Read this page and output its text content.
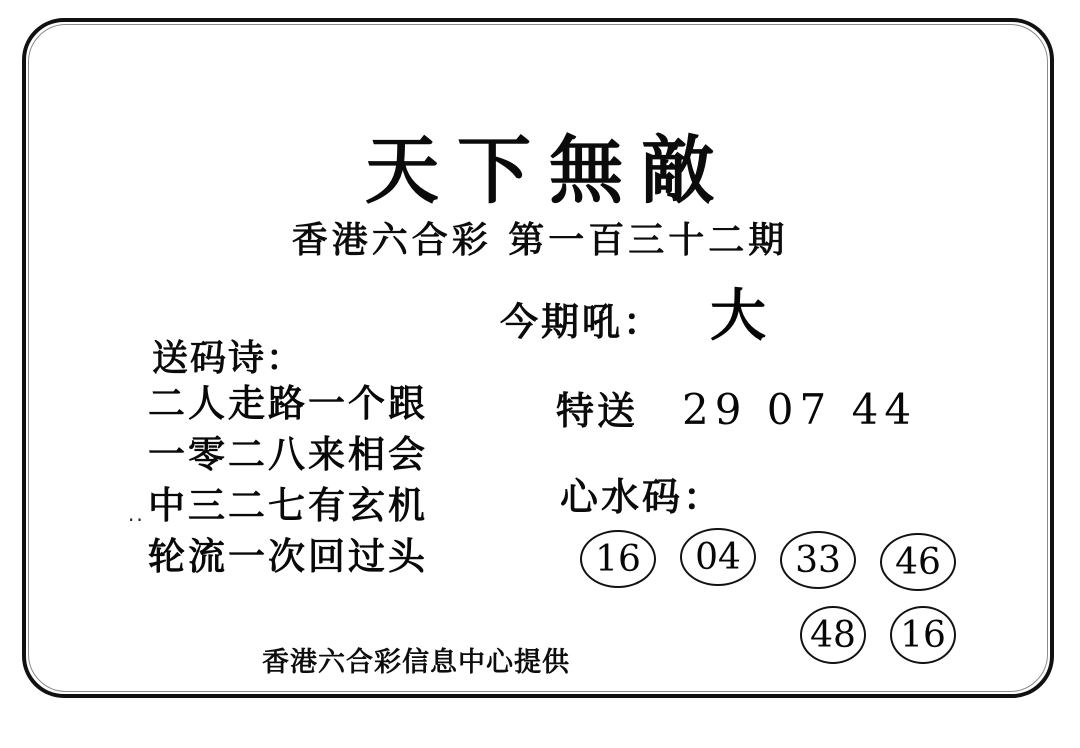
天下無敵
香港六合彩 第一百三十二期
今期吼： 大
送码诗：
..
二人走路一个跟
一零二八来相会
中三二七有玄机
轮流一次回过头
特送 29 07 44
心水码：
16	04	33	46
48 16
香港六合彩信息中心提供
